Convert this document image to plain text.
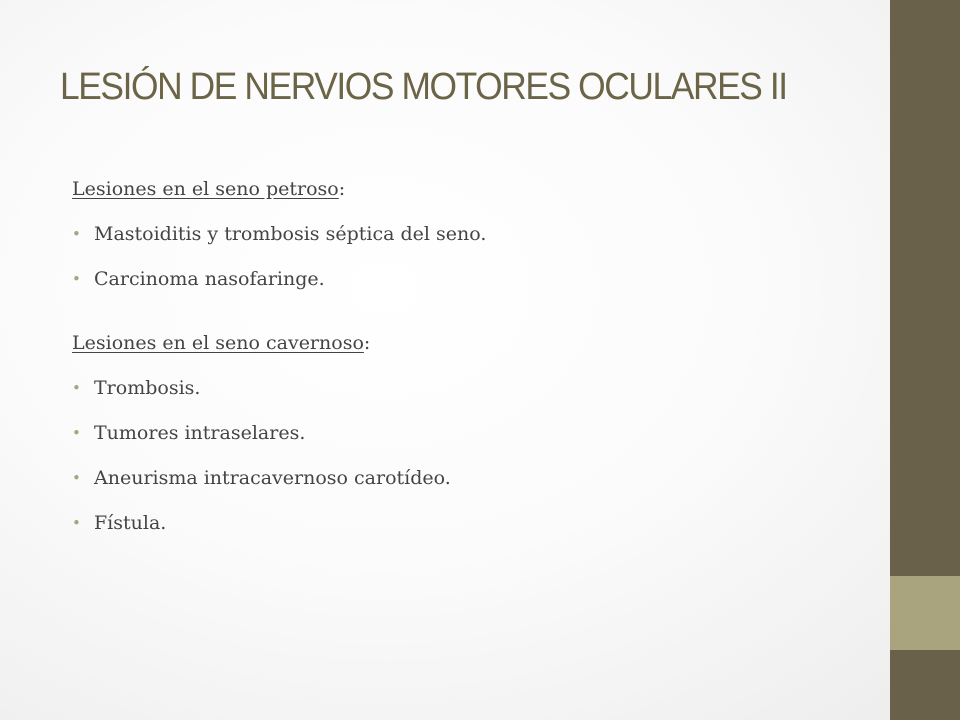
LESIÓN DE NERVIOS MOTORES OCULARES II
Lesiones en el seno petroso:
• Mastoiditis y trombosis séptica del seno.
• Carcinoma nasofaringe.
Lesiones en el seno cavernoso:
• Trombosis.
• Tumores intraselares.
• Aneurisma intracavernoso carotídeo.
• Fístula.
